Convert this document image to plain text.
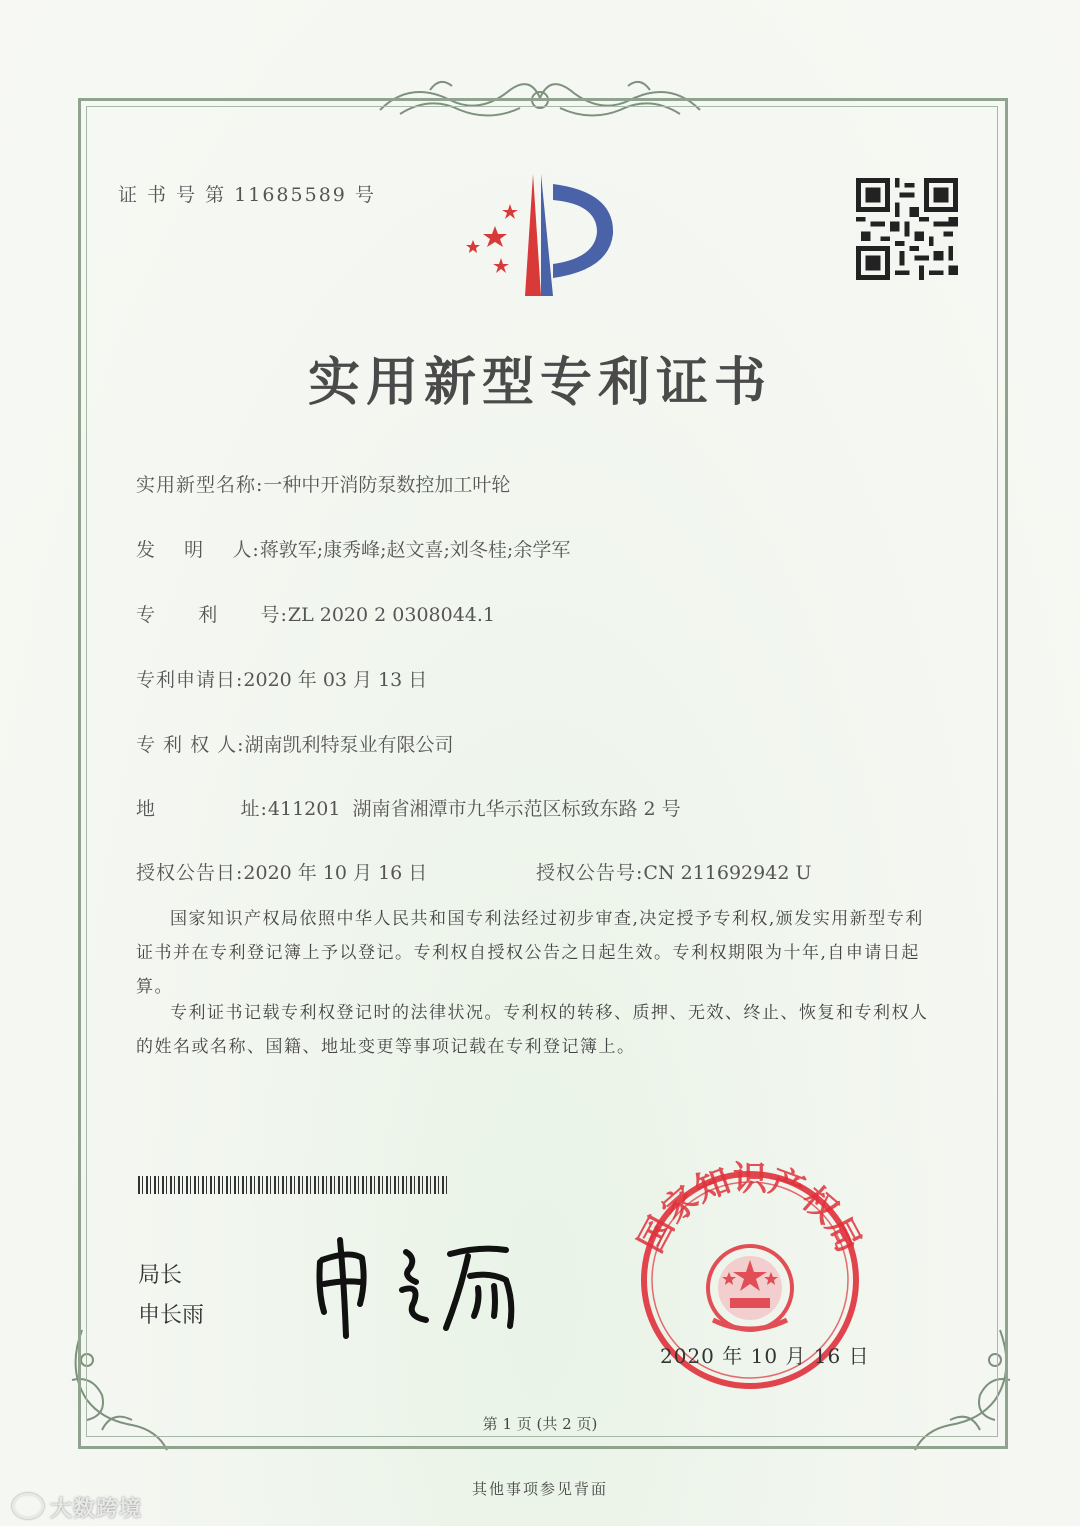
证 书 号 第 11685589 号
实用新型专利证书
实用新型名称:一种中开消防泵数控加工叶轮
发    明    人:蒋敦军;康秀峰;赵文喜;刘冬桂;余学军
专      利      号:ZL 2020 2 0308044.1
专利申请日:2020 年 03 月 13 日
专 利 权 人:湖南凯利特泵业有限公司
地            址:411201  湖南省湘潭市九华示范区标致东路 2 号
授权公告日:2020 年 10 月 16 日	授权公告号:CN 211692942 U
国家知识产权局依照中华人民共和国专利法经过初步审查,决定授予专利权,颁发实用新型专利证书并在专利登记簿上予以登记。专利权自授权公告之日起生效。专利权期限为十年,自申请日起算。
专利证书记载专利权登记时的法律状况。专利权的转移、质押、无效、终止、恢复和专利权人的姓名或名称、国籍、地址变更等事项记载在专利登记簿上。
局长
申长雨
国家知识产权局
2020 年 10 月 16 日
第 1 页 (共 2 页)
其他事项参见背面
大数跨境
